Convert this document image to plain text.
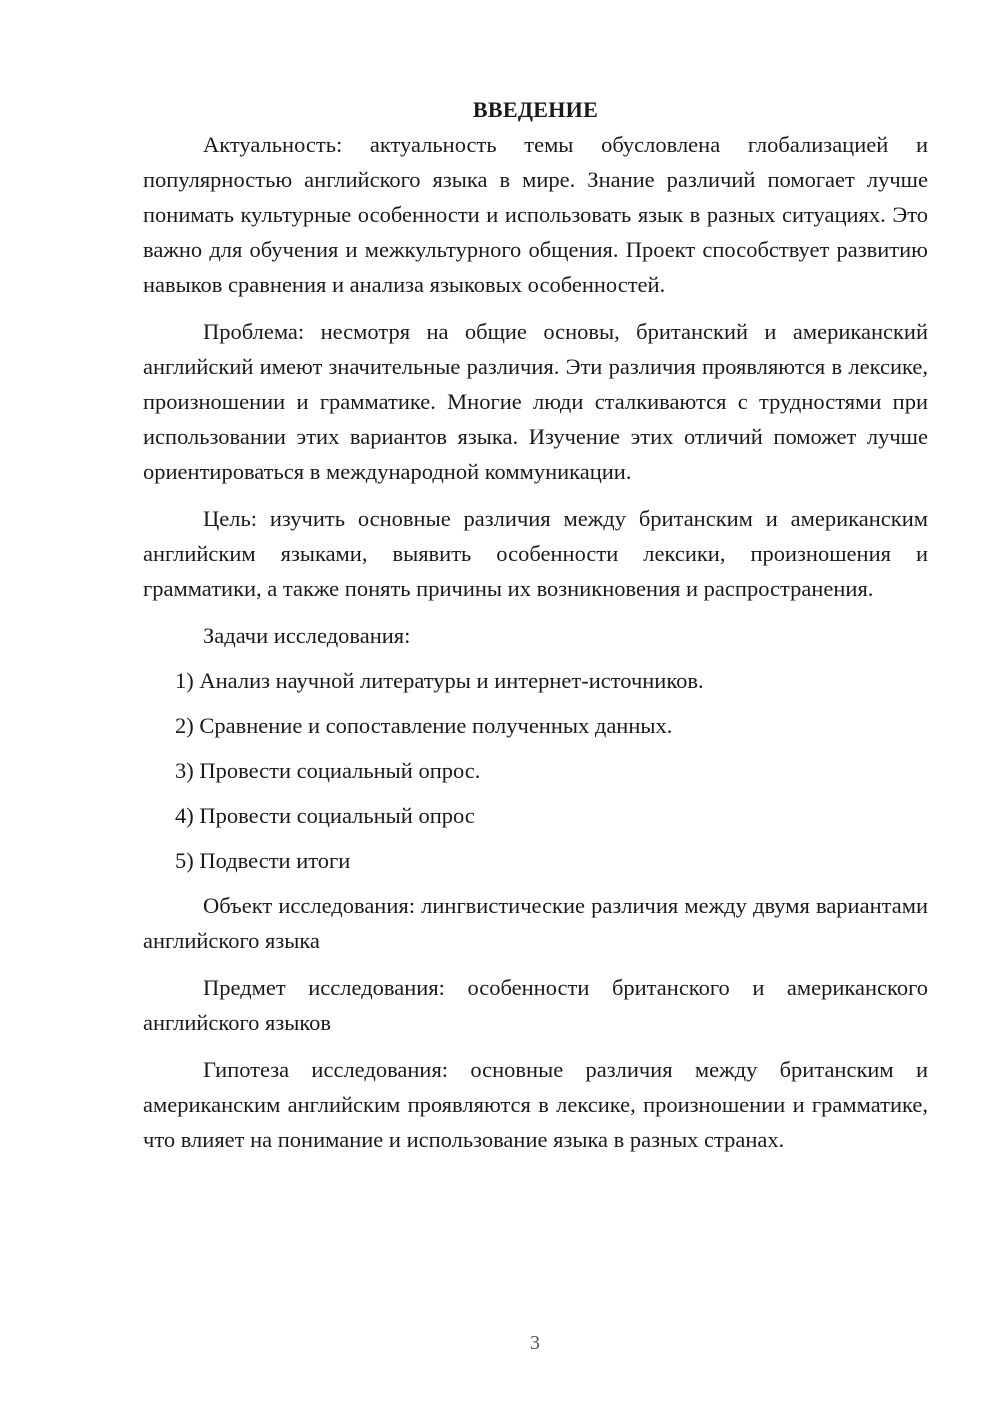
ВВЕДЕНИЕ

Актуальность: актуальность темы обусловлена глобализацией и популярностью английского языка в мире. Знание различий помогает лучше понимать культурные особенности и использовать язык в разных ситуациях. Это важно для обучения и межкультурного общения. Проект способствует развитию навыков сравнения и анализа языковых особенностей.

Проблема: несмотря на общие основы, британский и американский английский имеют значительные различия. Эти различия проявляются в лексике, произношении и грамматике. Многие люди сталкиваются с трудностями при использовании этих вариантов языка. Изучение этих отличий поможет лучше ориентироваться в международной коммуникации.

Цель: изучить основные различия между британским и американским английским языками, выявить особенности лексики, произношения и грамматики, а также понять причины их возникновения и распространения.

Задачи исследования:

1) Анализ научной литературы и интернет-источников.

2) Сравнение и сопоставление полученных данных.

3) Провести социальный опрос.

4) Провести социальный опрос

5) Подвести итоги

Объект исследования: лингвистические различия между двумя вариантами английского языка

Предмет исследования: особенности британского и американского английского языков

Гипотеза исследования: основные различия между британским и американским английским проявляются в лексике, произношении и грамматике, что влияет на понимание и использование языка в разных странах.

3
